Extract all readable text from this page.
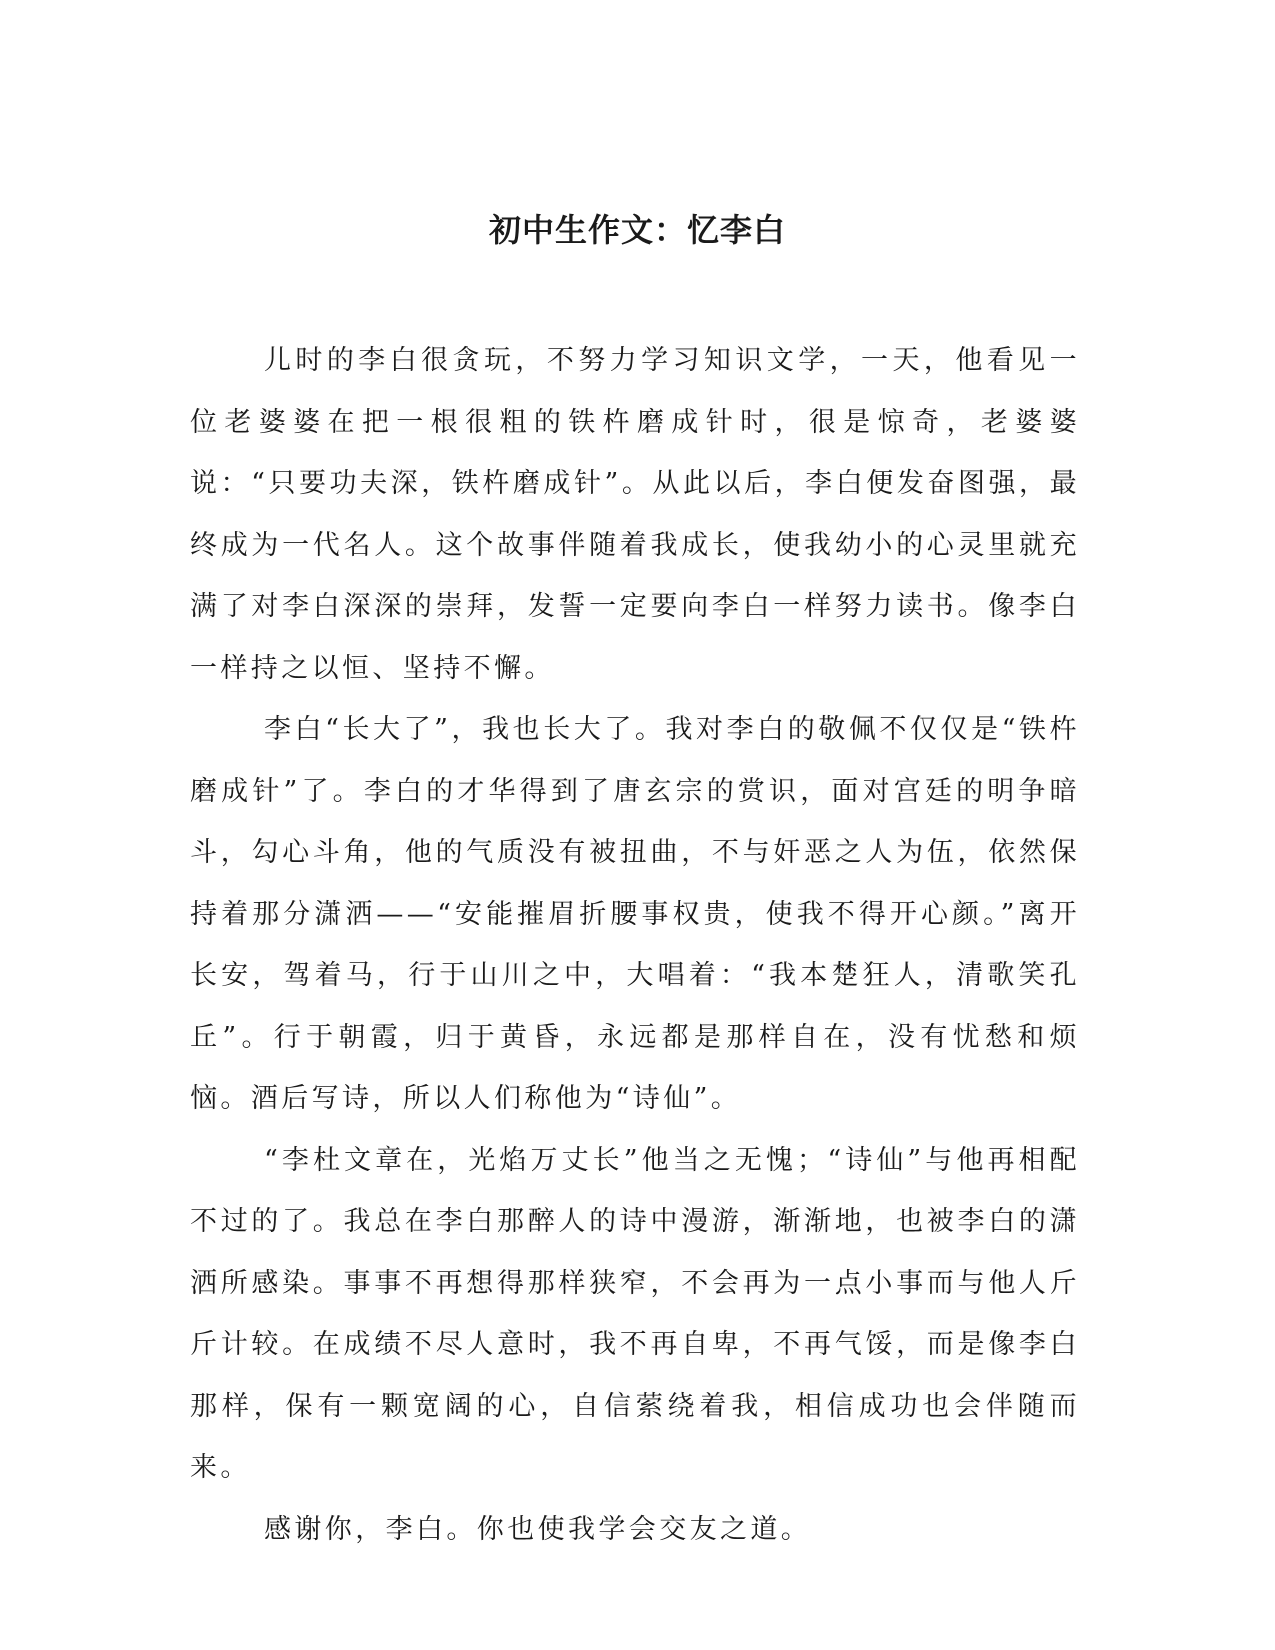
初中生作文：忆李白

儿时的李白很贪玩，不努力学习知识文学，一天，他看见一位老婆婆在把一根很粗的铁杵磨成针时，很是惊奇，老婆婆说：“只要功夫深，铁杵磨成针”。从此以后，李白便发奋图强，最终成为一代名人。这个故事伴随着我成长，使我幼小的心灵里就充满了对李白深深的崇拜，发誓一定要向李白一样努力读书。像李白一样持之以恒、坚持不懈。

李白“长大了”，我也长大了。我对李白的敬佩不仅仅是“铁杵磨成针”了。李白的才华得到了唐玄宗的赏识，面对宫廷的明争暗斗，勾心斗角，他的气质没有被扭曲，不与奸恶之人为伍，依然保持着那分潇洒——“安能摧眉折腰事权贵，使我不得开心颜。”离开长安，驾着马，行于山川之中，大唱着：“我本楚狂人，清歌笑孔丘”。行于朝霞，归于黄昏，永远都是那样自在，没有忧愁和烦恼。酒后写诗，所以人们称他为“诗仙”。

“李杜文章在，光焰万丈长”他当之无愧；“诗仙”与他再相配不过的了。我总在李白那醉人的诗中漫游，渐渐地，也被李白的潇洒所感染。事事不再想得那样狭窄，不会再为一点小事而与他人斤斤计较。在成绩不尽人意时，我不再自卑，不再气馁，而是像李白那样，保有一颗宽阔的心，自信萦绕着我，相信成功也会伴随而来。

感谢你，李白。你也使我学会交友之道。
